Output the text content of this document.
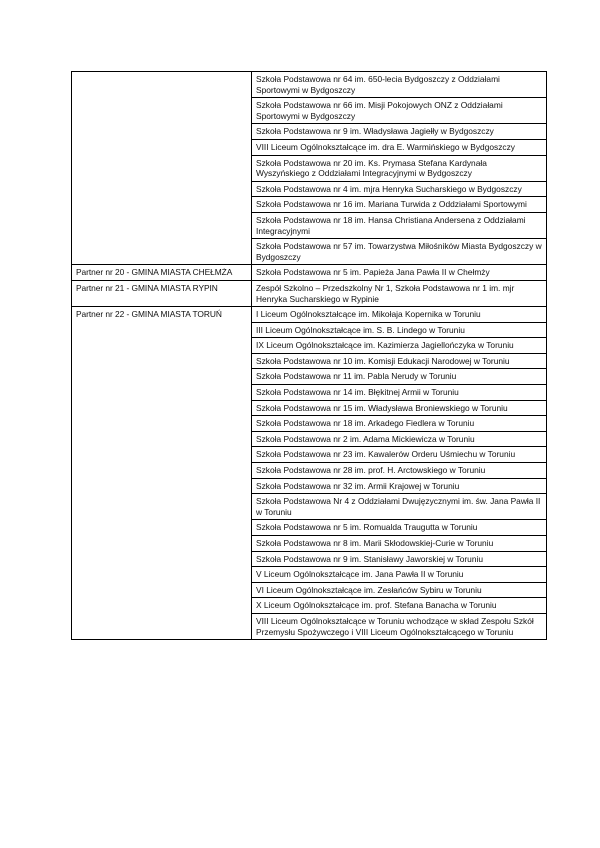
	Szkoła Podstawowa nr 64 im. 650-lecia Bydgoszczy z Oddziałami Sportowymi w Bydgoszczy
	Szkoła Podstawowa nr 66 im. Misji Pokojowych ONZ z Oddziałami Sportowymi w Bydgoszczy
	Szkoła Podstawowa nr 9 im. Władysława Jagiełły w Bydgoszczy
	VIII Liceum Ogólnokształcące im. dra E. Warmińskiego w Bydgoszczy
	Szkoła Podstawowa nr 20 im. Ks. Prymasa Stefana Kardynała Wyszyńskiego z Oddziałami Integracyjnymi w Bydgoszczy
	Szkoła Podstawowa nr 4 im. mjra Henryka Sucharskiego w Bydgoszczy
	Szkoła Podstawowa nr 16 im. Mariana Turwida z Oddziałami Sportowymi
	Szkoła Podstawowa nr 18 im. Hansa Christiana Andersena z Oddziałami Integracyjnymi
	Szkoła Podstawowa nr 57 im. Towarzystwa Miłośników Miasta Bydgoszczy w Bydgoszczy
Partner nr 20 - GMINA MIASTA CHEŁMŻA	Szkoła Podstawowa nr 5 im. Papieża Jana Pawła II w Chełmży
Partner nr 21 - GMINA MIASTA RYPIN	Zespół Szkolno – Przedszkolny Nr 1, Szkoła Podstawowa nr 1 im. mjr Henryka Sucharskiego w Rypinie
Partner nr 22 - GMINA MIASTA TORUŃ	I Liceum Ogólnokształcące im. Mikołaja Kopernika w Toruniu
	III Liceum Ogólnokształcące im. S. B. Lindego w Toruniu
	IX Liceum Ogólnokształcące im. Kazimierza Jagiellończyka w Toruniu
	Szkoła Podstawowa nr 10 im. Komisji Edukacji Narodowej w Toruniu
	Szkoła Podstawowa nr 11 im. Pabla Nerudy w Toruniu
	Szkoła Podstawowa nr 14 im. Błękitnej Armii w Toruniu
	Szkoła Podstawowa nr 15 im. Władysława Broniewskiego w Toruniu
	Szkoła Podstawowa nr 18 im. Arkadego Fiedlera w Toruniu
	Szkoła Podstawowa nr 2 im. Adama Mickiewicza w Toruniu
	Szkoła Podstawowa nr 23 im. Kawalerów Orderu Uśmiechu w Toruniu
	Szkoła Podstawowa nr 28 im. prof. H. Arctowskiego w Toruniu
	Szkoła Podstawowa nr 32 im. Armii Krajowej w Toruniu
	Szkoła Podstawowa Nr 4 z Oddziałami Dwujęzycznymi im. św. Jana Pawła II w Toruniu
	Szkoła Podstawowa nr 5 im. Romualda Traugutta w Toruniu
	Szkoła Podstawowa nr 8 im. Marii Skłodowskiej-Curie w Toruniu
	Szkoła Podstawowa nr 9 im. Stanisławy Jaworskiej w Toruniu
	V Liceum Ogólnokształcące im. Jana Pawła II w Toruniu
	VI Liceum Ogólnokształcące im. Zesłańców Sybiru w Toruniu
	X Liceum Ogólnokształcące im. prof. Stefana Banacha w Toruniu
	VIII Liceum Ogólnokształcące w Toruniu wchodzące w skład Zespołu Szkół Przemysłu Spożywczego i VIII Liceum Ogólnokształcącego w Toruniu
